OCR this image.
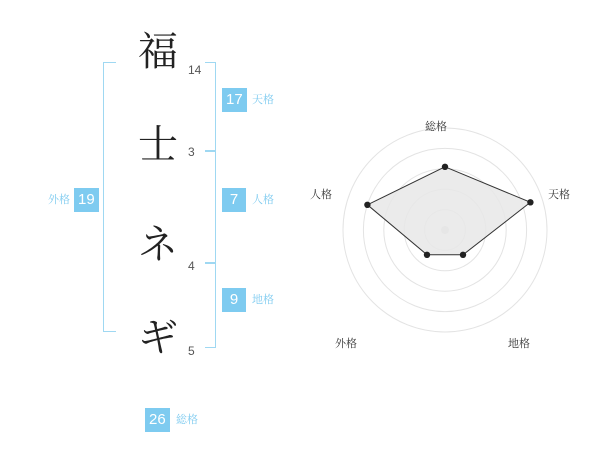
福 14
士 3
ネ 4
ギ 5
17 天格
7	人格
9	地格
19
外格
26 総格
総格
天格
地格
外格
人格
